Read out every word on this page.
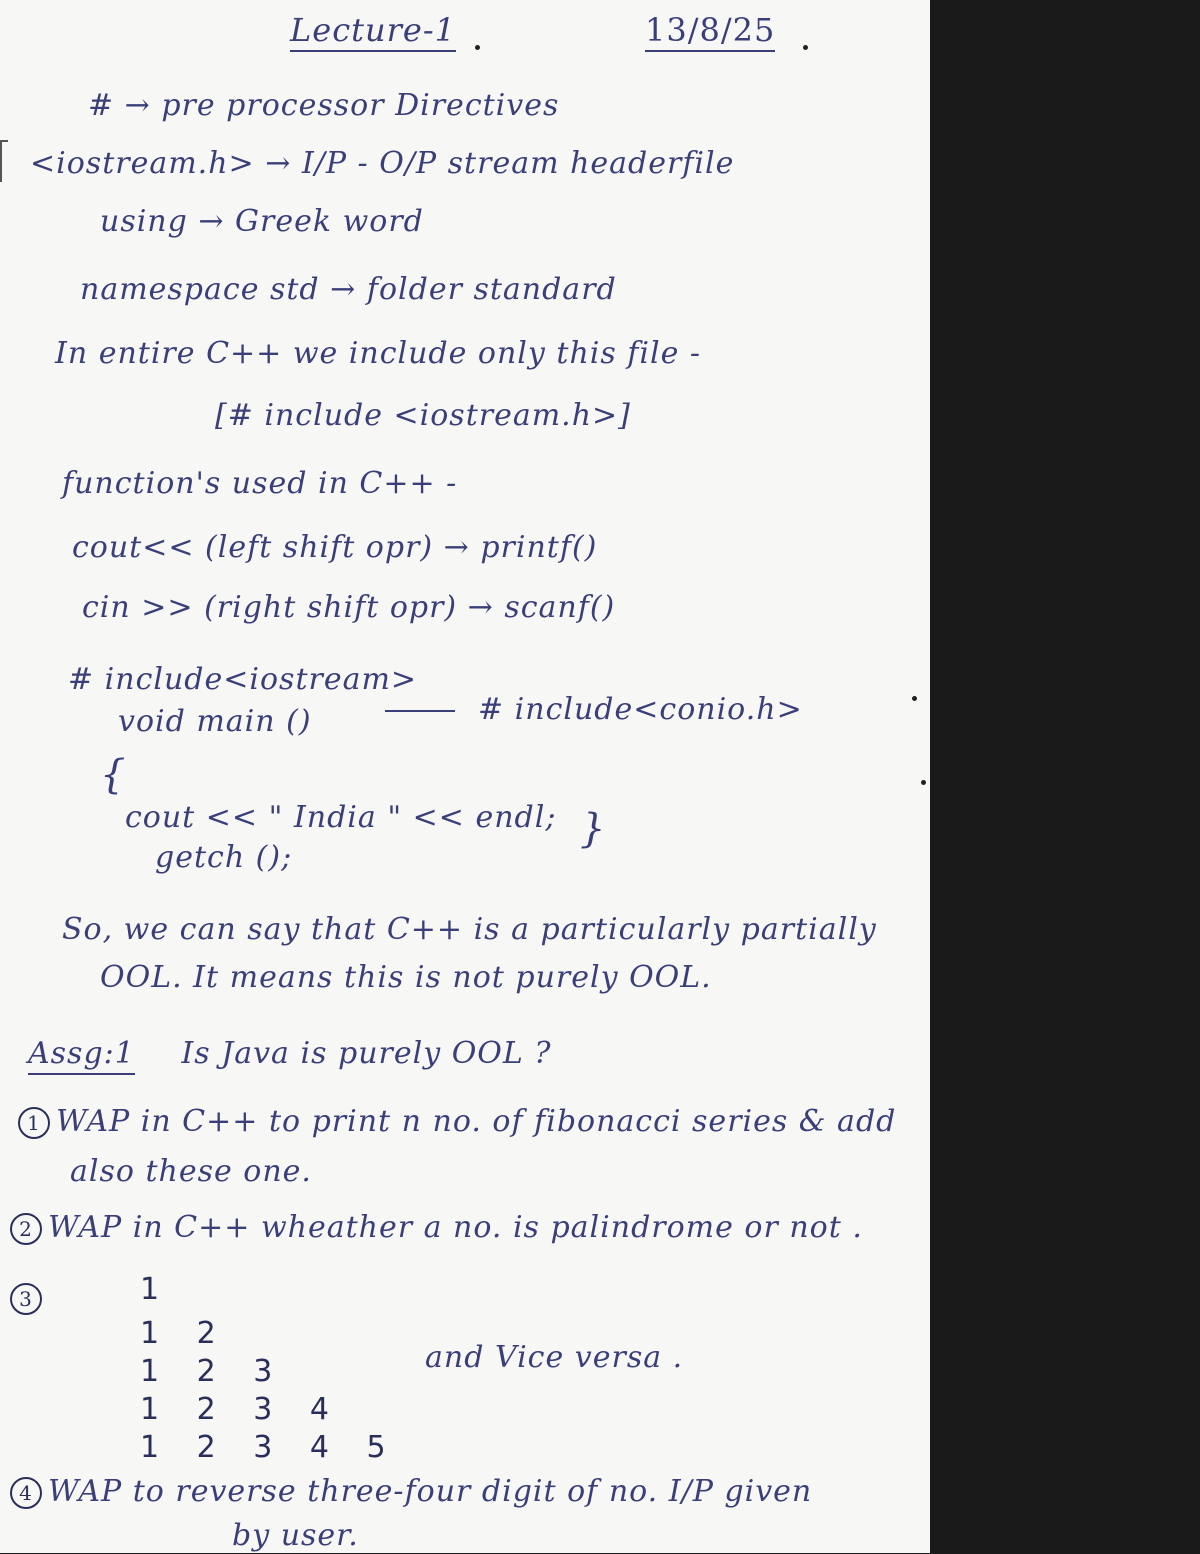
Lecture-1	13/8/25
# → pre processor Directives
<iostream.h> → I/P - O/P stream headerfile
using → Greek word
namespace std → folder standard
In entire C++ we include only this file -
[# include <iostream.h>]
function's used in C++ -
cout<< (left shift opr) → printf()
cin >> (right shift opr) → scanf()
# include<iostream>
void main ()	# include<conio.h>
{
cout << " India " << endl; }
getch ();
So, we can say that C++ is a particularly partially
OOL. It means this is not purely OOL.
Assg:1 Is Java is purely OOL ?
1 WAP in C++ to print n no. of fibonacci series & add
also these one.
2 WAP in C++ wheather a no. is palindrome or not .
3	1
1 2
1 2 3
1 2 3 4
1 2 3 4 5
and Vice versa .
4 WAP to reverse three-four digit of no. I/P given
by user.
